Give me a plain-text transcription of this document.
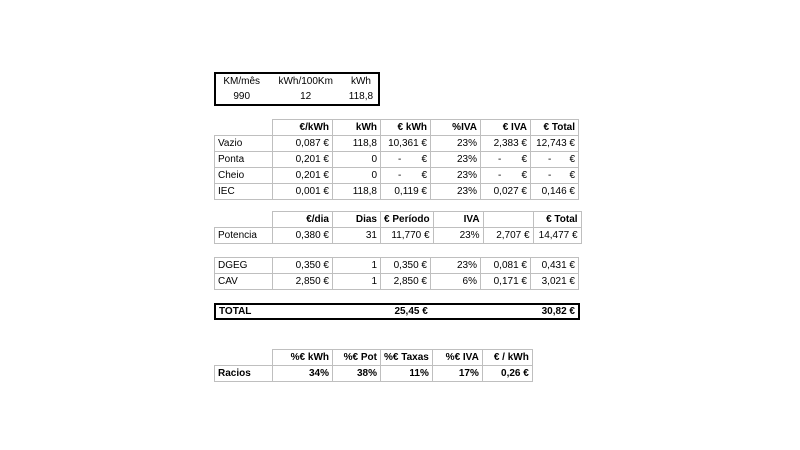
KM/mês	kWh/100Km	kWh
990	12	118,8
	€/kWh	kWh	€ kWh	%IVA	€ IVA	€ Total
Vazio	0,087 €	118,8	10,361 €	23%	2,383 €	12,743 €
Ponta	0,201 €	0	- €	23%	- €	- €

Cheio	0,201 €	0	- €	23%	- €	- €

IEC	0,001 €	118,8	0,119 €	23%	0,027 €	0,146 €
	€/dia	Dias	€ Período	IVA		€ Total
Potencia	0,380 €	31	11,770 €	23%	2,707 €	14,477 €
DGEG	0,350 €	1	0,350 €	23%	0,081 €	0,431 €
CAV	2,850 €	1	2,850 €	6%	0,171 €	3,021 €
TOTAL			25,45 €			30,82 €
	%€ kWh	%€ Pot	%€ Taxas	%€ IVA	€ / kWh
Racios	34%	38%	11%	17%	0,26 €
